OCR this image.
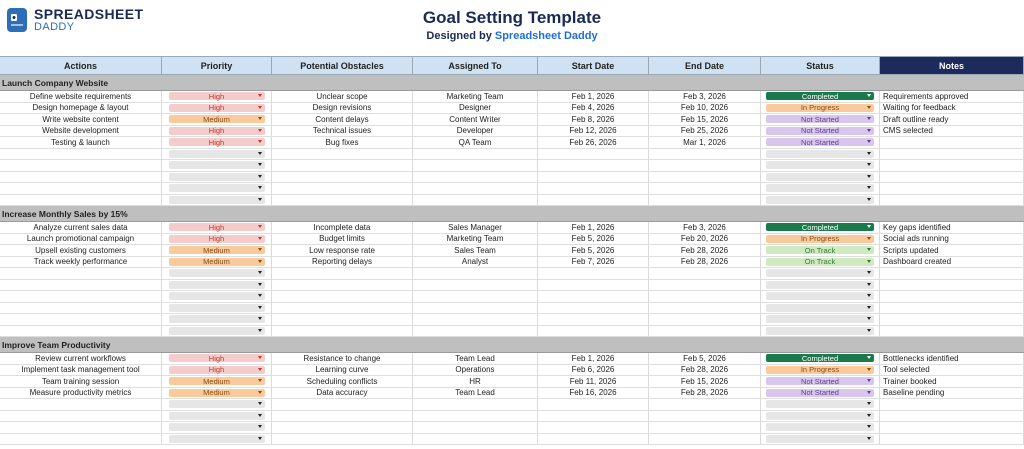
SPREADSHEET
DADDY	Goal Setting Template
Designed by Spreadsheet Daddy
Actions	Priority	Potential Obstacles	Assigned To	Start Date	End Date	Status	Notes
Launch Company Website
Define website requirements	High	Unclear scope	Marketing Team	Feb 1, 2026	Feb 3, 2026	Completed	Requirements approved
Design homepage & layout	High	Design revisions	Designer	Feb 4, 2026	Feb 10, 2026	In Progress	Waiting for feedback
Write website content	Medium	Content delays	Content Writer	Feb 8, 2026	Feb 15, 2026	Not Started	Draft outline ready
Website development	High	Technical issues	Developer	Feb 12, 2026	Feb 25, 2026	Not Started	CMS selected
Testing & launch	High	Bug fixes	QA Team	Feb 26, 2026	Mar 1, 2026	Not Started
Increase Monthly Sales by 15%
Analyze current sales data	High	Incomplete data	Sales Manager	Feb 1, 2026	Feb 3, 2026	Completed	Key gaps identified
Launch promotional campaign	High	Budget limits	Marketing Team	Feb 5, 2026	Feb 20, 2026	In Progress	Social ads running
Upsell existing customers	Medium	Low response rate	Sales Team	Feb 5, 2026	Feb 28, 2026	On Track	Scripts updated
Track weekly performance	Medium	Reporting delays	Analyst	Feb 7, 2026	Feb 28, 2026	On Track	Dashboard created
Improve Team Productivity
Review current workflows	High	Resistance to change	Team Lead	Feb 1, 2026	Feb 5, 2026	Completed	Bottlenecks identified
Implement task management tool	High	Learning curve	Operations	Feb 6, 2026	Feb 28, 2026	In Progress	Tool selected
Team training session	Medium	Scheduling conflicts	HR	Feb 11, 2026	Feb 15, 2026	Not Started	Trainer booked
Measure productivity metrics	Medium	Data accuracy	Team Lead	Feb 16, 2026	Feb 28, 2026	Not Started	Baseline pending
